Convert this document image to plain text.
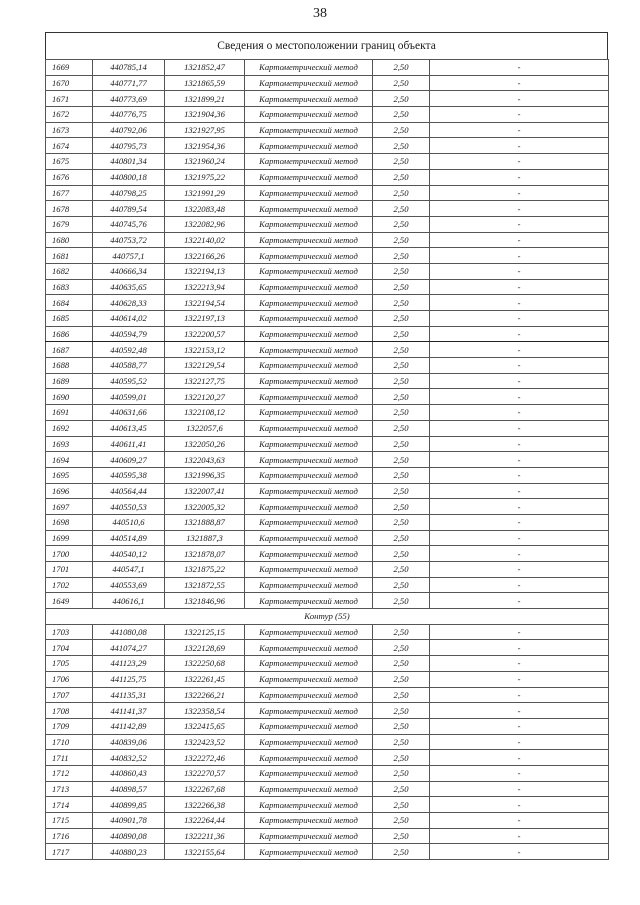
38
Сведения о местоположении границ объекта
1669	440785,14	1321852,47	Картометрический метод	2,50	-
1670	440771,77	1321865,59	Картометрический метод	2,50	-
1671	440773,69	1321899,21	Картометрический метод	2,50	-
1672	440776,75	1321904,36	Картометрический метод	2,50	-
1673	440792,06	1321927,95	Картометрический метод	2,50	-
1674	440795,73	1321954,36	Картометрический метод	2,50	-
1675	440801,34	1321960,24	Картометрический метод	2,50	-
1676	440800,18	1321975,22	Картометрический метод	2,50	-
1677	440798,25	1321991,29	Картометрический метод	2,50	-
1678	440789,54	1322083,48	Картометрический метод	2,50	-
1679	440745,76	1322082,96	Картометрический метод	2,50	-
1680	440753,72	1322140,02	Картометрический метод	2,50	-
1681	440757,1	1322166,26	Картометрический метод	2,50	-
1682	440666,34	1322194,13	Картометрический метод	2,50	-
1683	440635,65	1322213,94	Картометрический метод	2,50	-
1684	440628,33	1322194,54	Картометрический метод	2,50	-
1685	440614,02	1322197,13	Картометрический метод	2,50	-
1686	440594,79	1322200,57	Картометрический метод	2,50	-
1687	440592,48	1322153,12	Картометрический метод	2,50	-
1688	440588,77	1322129,54	Картометрический метод	2,50	-
1689	440595,52	1322127,75	Картометрический метод	2,50	-
1690	440599,01	1322120,27	Картометрический метод	2,50	-
1691	440631,66	1322108,12	Картометрический метод	2,50	-
1692	440613,45	1322057,6	Картометрический метод	2,50	-
1693	440611,41	1322050,26	Картометрический метод	2,50	-
1694	440609,27	1322043,63	Картометрический метод	2,50	-
1695	440595,38	1321996,35	Картометрический метод	2,50	-
1696	440564,44	1322007,41	Картометрический метод	2,50	-
1697	440550,53	1322005,32	Картометрический метод	2,50	-
1698	440510,6	1321888,87	Картометрический метод	2,50	-
1699	440514,89	1321887,3	Картометрический метод	2,50	-
1700	440540,12	1321878,07	Картометрический метод	2,50	-
1701	440547,1	1321875,22	Картометрический метод	2,50	-
1702	440553,69	1321872,55	Картометрический метод	2,50	-
1649	440616,1	1321846,96	Картометрический метод	2,50	-
Контур (55)					
1703	441080,08	1322125,15	Картометрический метод	2,50	-
1704	441074,27	1322128,69	Картометрический метод	2,50	-
1705	441123,29	1322250,68	Картометрический метод	2,50	-
1706	441125,75	1322261,45	Картометрический метод	2,50	-
1707	441135,31	1322266,21	Картометрический метод	2,50	-
1708	441141,37	1322358,54	Картометрический метод	2,50	-
1709	441142,89	1322415,65	Картометрический метод	2,50	-
1710	440839,06	1322423,52	Картометрический метод	2,50	-
1711	440832,52	1322272,46	Картометрический метод	2,50	-
1712	440860,43	1322270,57	Картометрический метод	2,50	-
1713	440898,57	1322267,68	Картометрический метод	2,50	-
1714	440899,85	1322266,38	Картометрический метод	2,50	-
1715	440901,78	1322264,44	Картометрический метод	2,50	-
1716	440890,08	1322211,36	Картометрический метод	2,50	-
1717	440880,23	1322155,64	Картометрический метод	2,50	-
